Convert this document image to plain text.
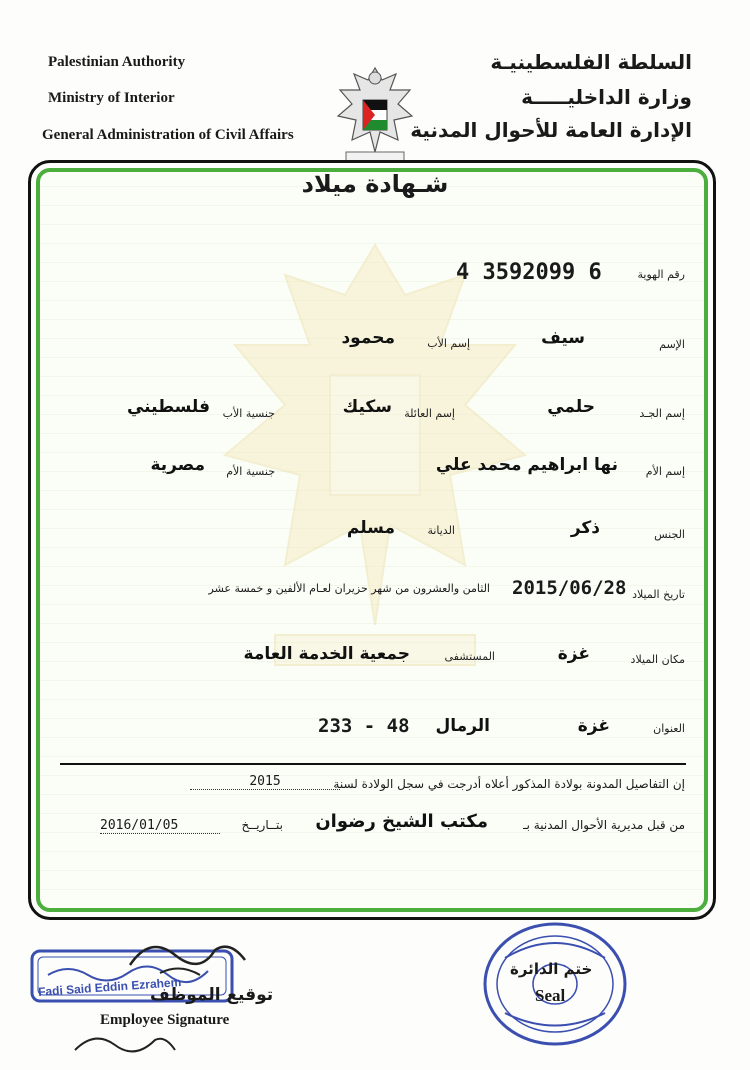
Palestinian Authority
Ministry of Interior
General Administration of Civil Affairs
السلطة الفلسطينيـة
وزارة الداخليـــــة
الإدارة العامة للأحوال المدنية
شـهادة ميلاد
رقم الهوية
4 3592099 6
الإسم
سيف
إسم الأب
محمود
إسم الجـد
حلمي
إسم العائلة
سكيك
جنسية الأب
فلسطيني
إسم الأم
نها ابراهيم محمد علي
جنسية الأم
مصرية
الجنس
ذكر
الديانة
مسلم
تاريخ الميلاد
2015/06/28
الثامن والعشرون من شهر حزيران لعـام الألفين و خمسة عشر
مكان الميلاد
غزة
المستشفى
جمعية الخدمة العامة
العنوان
غزة
الرمال
233 - 48
إن التفاصيل المدونة بولادة المذكور أعلاه أدرجت في سجل الولادة لسنة
2015
من قبل مديرية الأحوال المدنية بـ
مكتب الشيخ رضوان
بتــاريــخ
2016/01/05
Fadi Said Eddin Ezrahem
توقيع الموظف
Employee Signature
ختم الدائرة
Seal
